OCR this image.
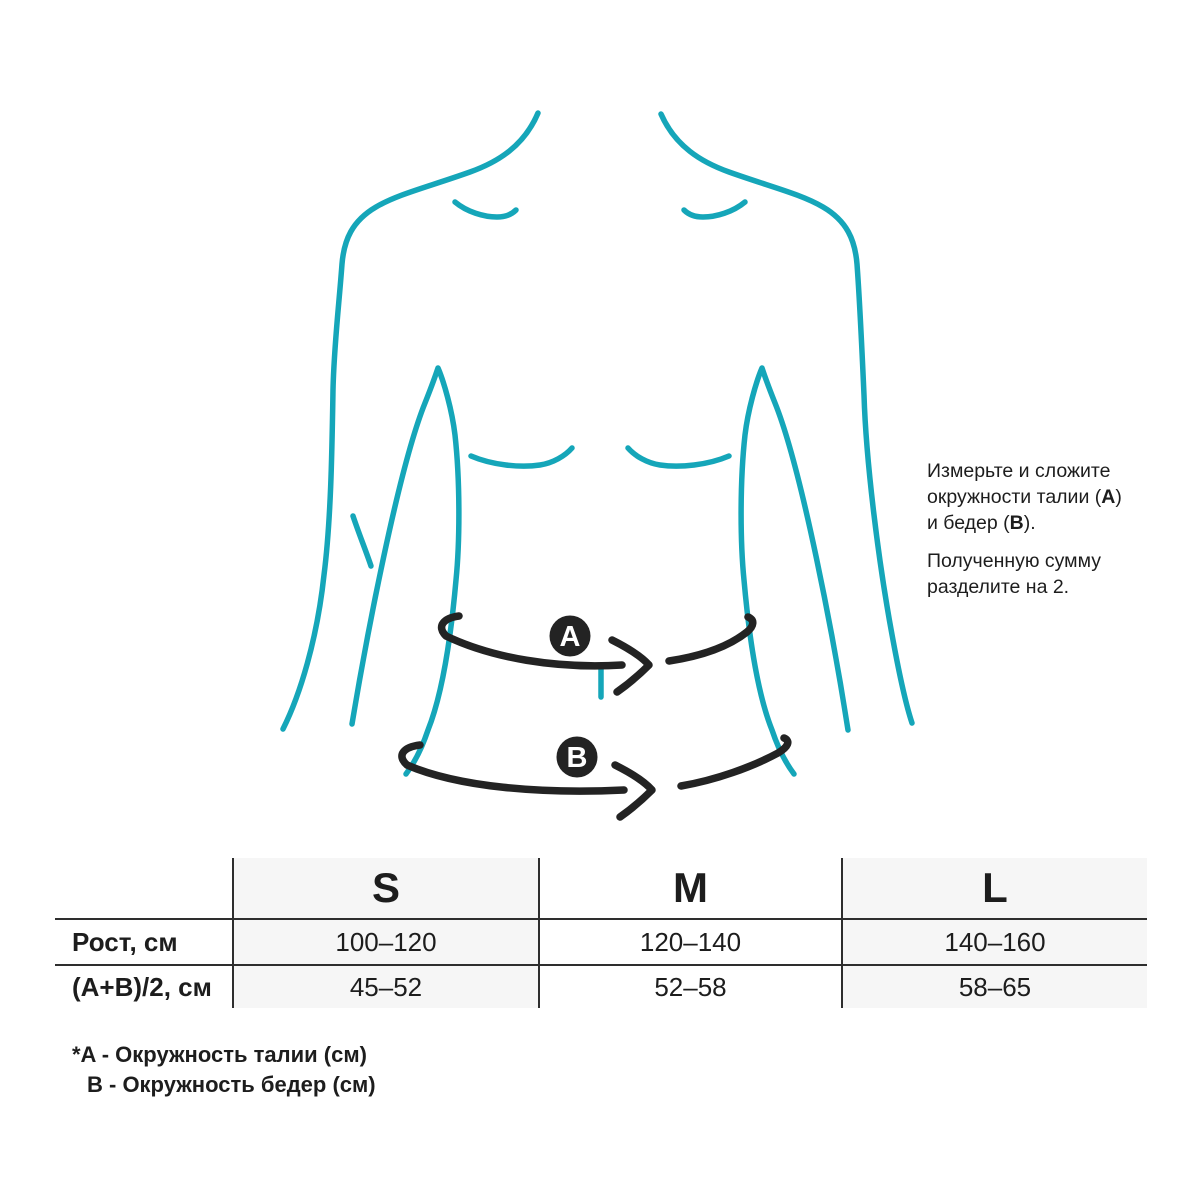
A
B
Измерьте и сложите
окружности талии (A)
и бедер (B).
Полученную сумму
разделите на 2.
	S	M	L
Рост, см	100–120	120–140	140–160
(A+B)/2, см	45–52	52–58	58–65
*A - Окружность талии (см)
B - Окружность бедер (см)
